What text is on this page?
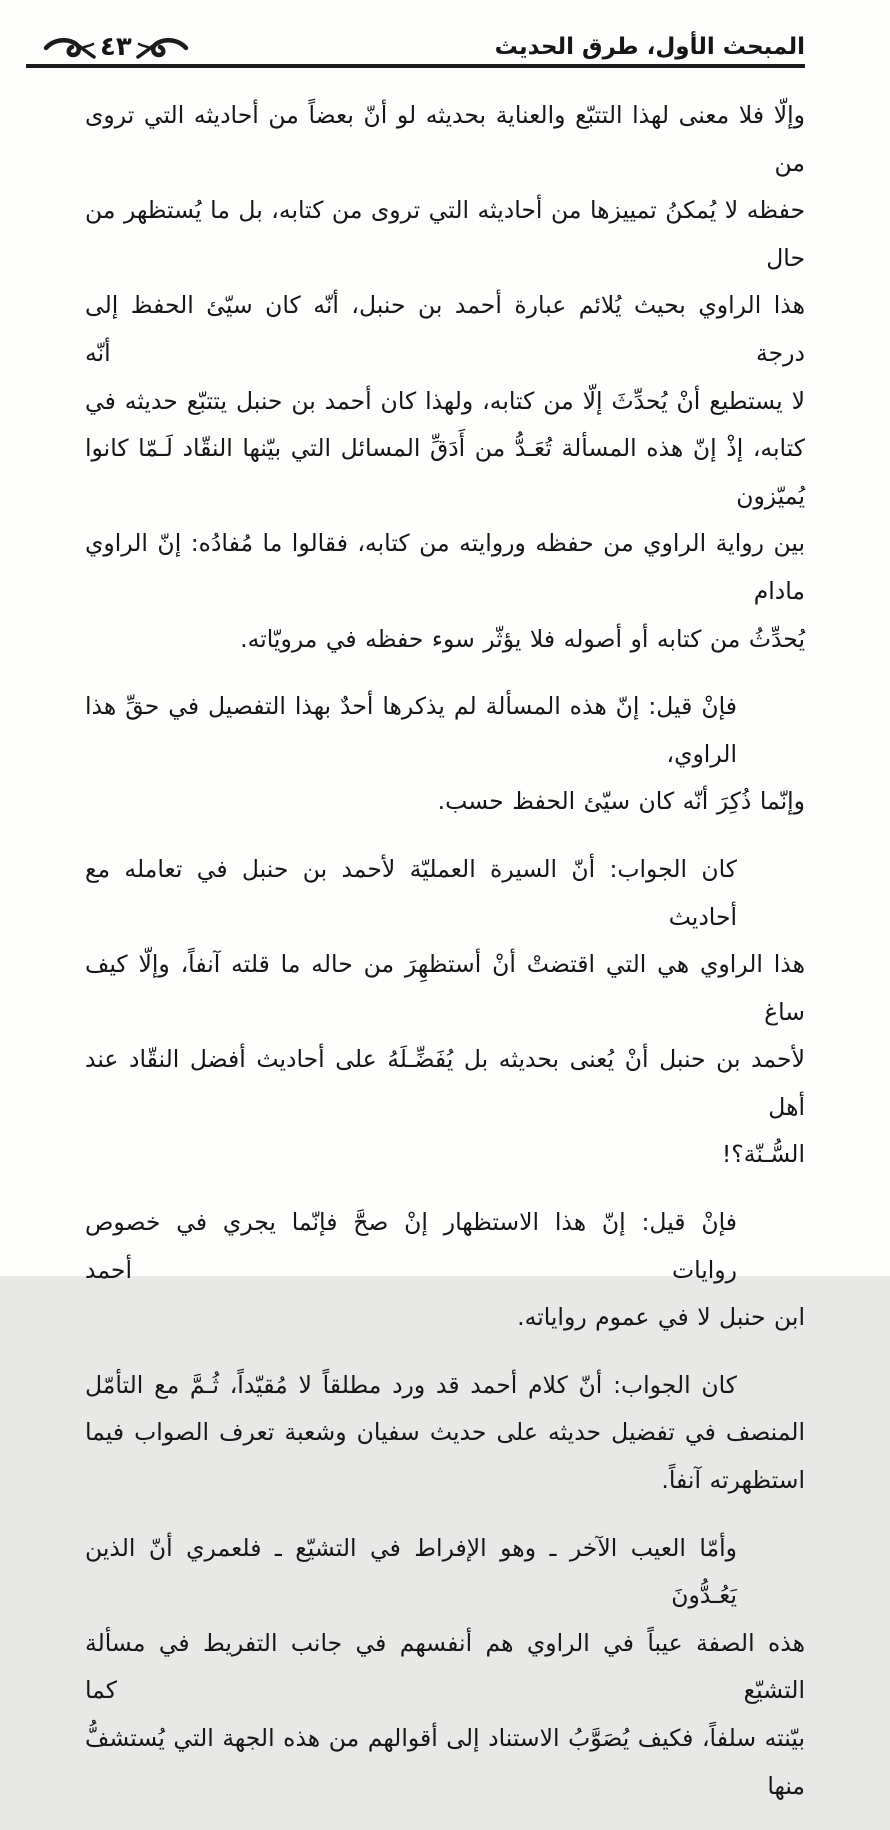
المبحث الأول، طرق الحديث
٤٣
وإلّا فلا معنى لهذا التتبّع والعناية بحديثه لو أنّ بعضاً من أحاديثه التي تروى من
حفظه لا يُمكنُ تمييزها من أحاديثه التي تروى من كتابه، بل ما يُستظهر من حال
هذا الراوي بحيث يُلائم عبارة أحمد بن حنبل، أنّه كان سيّئ الحفظ إلى درجة أنّه
لا يستطيع أنْ يُحدِّثَ إلّا من كتابه، ولهذا كان أحمد بن حنبل يتتبّع حديثه في
كتابه، إذْ إنّ هذه المسألة تُعَـدُّ من أَدَقِّ المسائل التي بيّنها النقّاد لَـمّا كانوا يُميّزون
بين رواية الراوي من حفظه وروايته من كتابه، فقالوا ما مُفادُه: إنّ الراوي مادام
يُحدِّثُ من كتابه أو أصوله فلا يؤثّر سوء حفظه في مرويّاته.
فإنْ قيل: إنّ هذه المسألة لم يذكرها أحدٌ بهذا التفصيل في حقِّ هذا الراوي،
وإنّما ذُكِرَ أنّه كان سيّئ الحفظ حسب.
كان الجواب: أنّ السيرة العمليّة لأحمد بن حنبل في تعامله مع أحاديث
هذا الراوي هي التي اقتضتْ أنْ أستظهِرَ من حاله ما قلته آنفاً، وإلّا كيف ساغ
لأحمد بن حنبل أنْ يُعنى بحديثه بل يُفَضِّـلَهُ على أحاديث أفضل النقّاد عند أهل
السُّـنّة؟!
فإنْ قيل: إنّ هذا الاستظهار إنْ صحَّ فإنّما يجري في خصوص روايات أحمد
ابن حنبل لا في عموم رواياته.
كان الجواب: أنّ كلام أحمد قد ورد مطلقاً لا مُقيّداً، ثُـمَّ مع التأمّل
المنصف في تفضيل حديثه على حديث سفيان وشعبة تعرف الصواب فيما
استظهرته آنفاً.
وأمّا العيب الآخر ـ وهو الإفراط في التشيّع ـ فلعمري أنّ الذين يَعُـدُّونَ
هذه الصفة عيباً في الراوي هم أنفسهم في جانب التفريط في مسألة التشيّع كما
بيّنته سلفاً، فكيف يُصَوَّبُ الاستناد إلى أقوالهم من هذه الجهة التي يُستشفُّ منها
